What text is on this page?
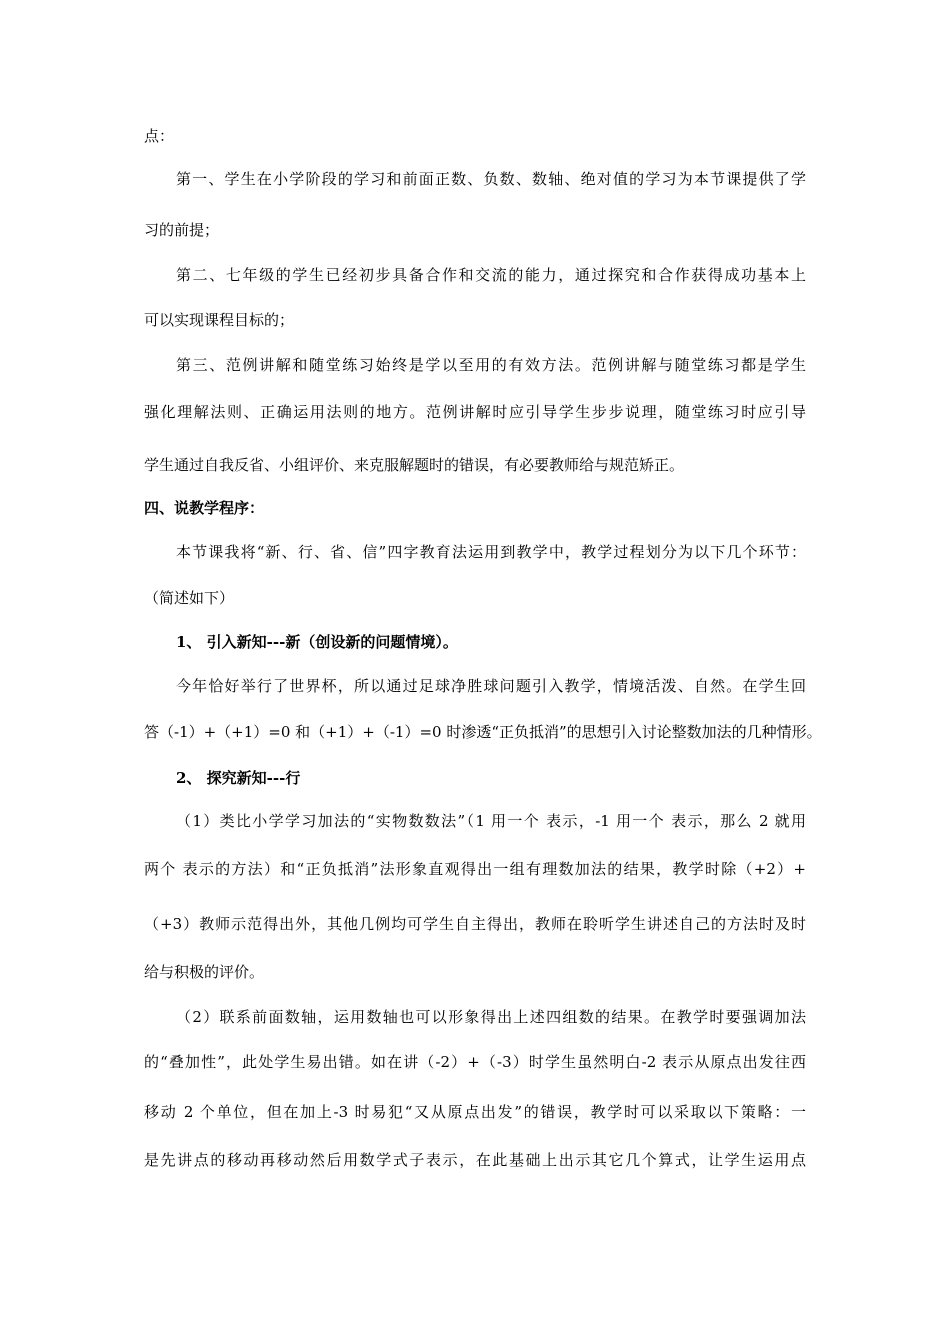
点：

第一、学生在小学阶段的学习和前面正数、负数、数轴、绝对值的学习为本节课提供了学

习的前提；

第二、七年级的学生已经初步具备合作和交流的能力，通过探究和合作获得成功基本上

可以实现课程目标的；

第三、范例讲解和随堂练习始终是学以至用的有效方法。范例讲解与随堂练习都是学生

强化理解法则、正确运用法则的地方。范例讲解时应引导学生步步说理，随堂练习时应引导

学生通过自我反省、小组评价、来克服解题时的错误，有必要教师给与规范矫正。

四、说教学程序：

本节课我将“新、行、省、信”四字教育法运用到教学中，教学过程划分为以下几个环节：

（简述如下）

1、 引入新知---新（创设新的问题情境）。

今年恰好举行了世界杯，所以通过足球净胜球问题引入教学，情境活泼、自然。在学生回

答（-1）+（+1）=0 和（+1）+（-1）=0 时渗透“正负抵消”的思想引入讨论整数加法的几种情形。

2、 探究新知---行

（1）类比小学学习加法的“实物数数法”（1 用一个 表示，-1 用一个 表示，那么 2 就用

两个 表示的方法）和“正负抵消”法形象直观得出一组有理数加法的结果，教学时除（+2）+

（+3）教师示范得出外，其他几例均可学生自主得出，教师在聆听学生讲述自己的方法时及时

给与积极的评价。

（2）联系前面数轴，运用数轴也可以形象得出上述四组数的结果。在教学时要强调加法

的“叠加性”，此处学生易出错。如在讲（-2）+（-3）时学生虽然明白-2 表示从原点出发往西

移动 2 个单位，但在加上-3 时易犯“又从原点出发”的错误，教学时可以采取以下策略：一

是先讲点的移动再移动然后用数学式子表示，在此基础上出示其它几个算式，让学生运用点
